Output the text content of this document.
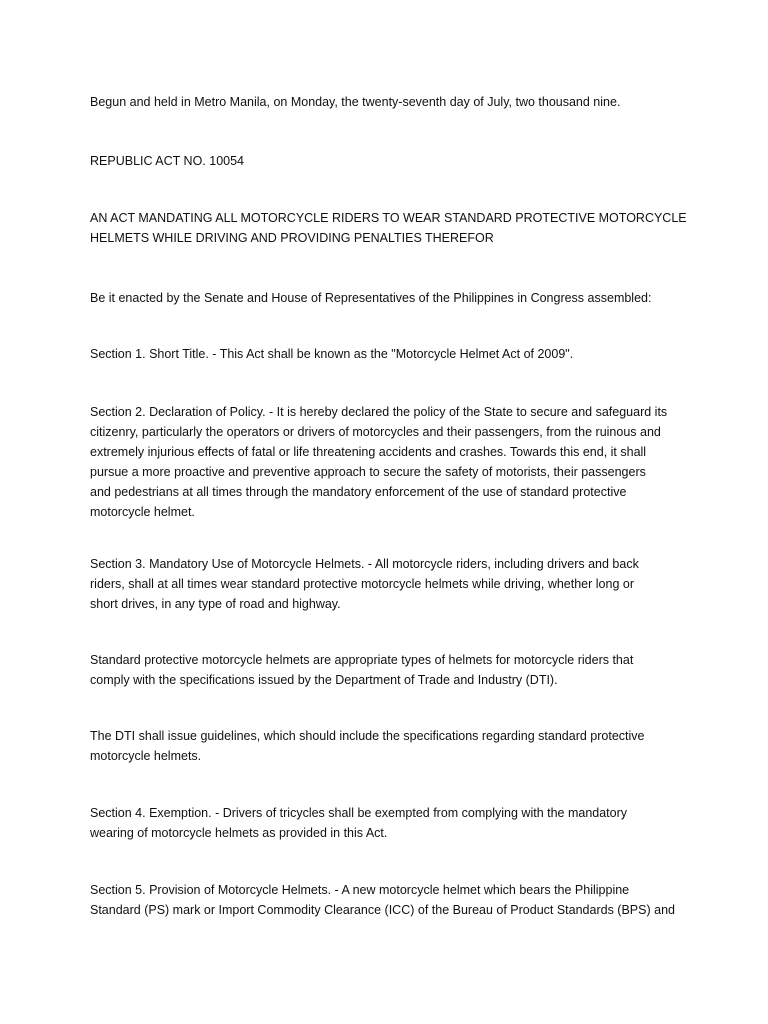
Begun and held in Metro Manila, on Monday, the twenty-seventh day of July, two thousand nine.

REPUBLIC ACT NO. 10054

AN ACT MANDATING ALL MOTORCYCLE RIDERS TO WEAR STANDARD PROTECTIVE MOTORCYCLE
HELMETS WHILE DRIVING AND PROVIDING PENALTIES THEREFOR

Be it enacted by the Senate and House of Representatives of the Philippines in Congress assembled:

Section 1. Short Title. - This Act shall be known as the "Motorcycle Helmet Act of 2009".

Section 2. Declaration of Policy. - It is hereby declared the policy of the State to secure and safeguard its
citizenry, particularly the operators or drivers of motorcycles and their passengers, from the ruinous and
extremely injurious effects of fatal or life threatening accidents and crashes. Towards this end, it shall
pursue a more proactive and preventive approach to secure the safety of motorists, their passengers
and pedestrians at all times through the mandatory enforcement of the use of standard protective
motorcycle helmet.

Section 3. Mandatory Use of Motorcycle Helmets. - All motorcycle riders, including drivers and back
riders, shall at all times wear standard protective motorcycle helmets while driving, whether long or
short drives, in any type of road and highway.

Standard protective motorcycle helmets are appropriate types of helmets for motorcycle riders that
comply with the specifications issued by the Department of Trade and Industry (DTI).

The DTI shall issue guidelines, which should include the specifications regarding standard protective
motorcycle helmets.

Section 4. Exemption. - Drivers of tricycles shall be exempted from complying with the mandatory
wearing of motorcycle helmets as provided in this Act.

Section 5. Provision of Motorcycle Helmets. - A new motorcycle helmet which bears the Philippine
Standard (PS) mark or Import Commodity Clearance (ICC) of the Bureau of Product Standards (BPS) and
